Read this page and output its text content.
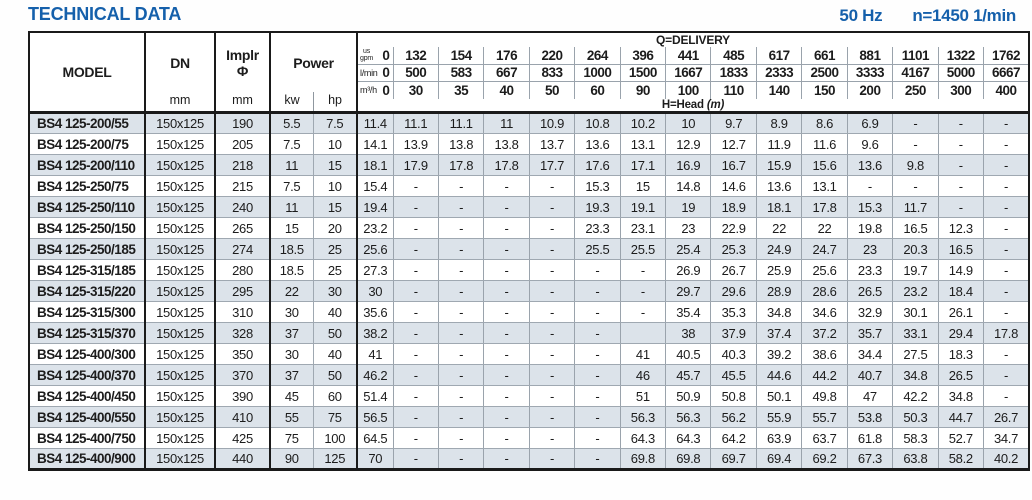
TECHNICAL DATA	50 Hz n=1450 1/min
MODEL

DN
mm

Implr
Φ
mm

Power
kw	hp
	Q=DELIVERY

					us
gpm 0	132	154	176	220	264	396	441	485	617	661	881	1101	1322	1762

					l/min 0	500	583	667	833	1000	1500	1667	1833	2333	2500	3333	4167	5000	6667

					m³/h 0	30	35	40	50	60	90	100	110	140	150	200	250	300	400
					H=Head (m)														
BS4 125-200/55	150x125	190	5.5	7.5	11.4	11.1	11.1	11	10.9	10.8	10.2	10	9.7	8.9	8.6	6.9	-	-	-
BS4 125-200/75	150x125	205	7.5	10	14.1	13.9	13.8	13.8	13.7	13.6	13.1	12.9	12.7	11.9	11.6	9.6	-	-	-
BS4 125-200/110	150x125	218	11	15	18.1	17.9	17.8	17.8	17.7	17.6	17.1	16.9	16.7	15.9	15.6	13.6	9.8	-	-
BS4 125-250/75	150x125	215	7.5	10	15.4	-	-	-	-	15.3	15	14.8	14.6	13.6	13.1	-	-	-	-
BS4 125-250/110	150x125	240	11	15	19.4	-	-	-	-	19.3	19.1	19	18.9	18.1	17.8	15.3	11.7	-	-
BS4 125-250/150	150x125	265	15	20	23.2	-	-	-	-	23.3	23.1	23	22.9	22	22	19.8	16.5	12.3	-
BS4 125-250/185	150x125	274	18.5	25	25.6	-	-	-	-	25.5	25.5	25.4	25.3	24.9	24.7	23	20.3	16.5	-
BS4 125-315/185	150x125	280	18.5	25	27.3	-	-	-	-	-	-	26.9	26.7	25.9	25.6	23.3	19.7	14.9	-
BS4 125-315/220	150x125	295	22	30	30	-	-	-	-	-	-	29.7	29.6	28.9	28.6	26.5	23.2	18.4	-
BS4 125-315/300	150x125	310	30	40	35.6	-	-	-	-	-	-	35.4	35.3	34.8	34.6	32.9	30.1	26.1	-
BS4 125-315/370	150x125	328	37	50	38.2	-	-	-	-	-		38	37.9	37.4	37.2	35.7	33.1	29.4	17.8
BS4 125-400/300	150x125	350	30	40	41	-	-	-	-	-	41	40.5	40.3	39.2	38.6	34.4	27.5	18.3	-
BS4 125-400/370	150x125	370	37	50	46.2	-	-	-	-	-	46	45.7	45.5	44.6	44.2	40.7	34.8	26.5	-
BS4 125-400/450	150x125	390	45	60	51.4	-	-	-	-	-	51	50.9	50.8	50.1	49.8	47	42.2	34.8	-
BS4 125-400/550	150x125	410	55	75	56.5	-	-	-	-	-	56.3	56.3	56.2	55.9	55.7	53.8	50.3	44.7	26.7
BS4 125-400/750	150x125	425	75	100	64.5	-	-	-	-	-	64.3	64.3	64.2	63.9	63.7	61.8	58.3	52.7	34.7
BS4 125-400/900	150x125	440	90	125	70	-	-	-	-	-	69.8	69.8	69.7	69.4	69.2	67.3	63.8	58.2	40.2
